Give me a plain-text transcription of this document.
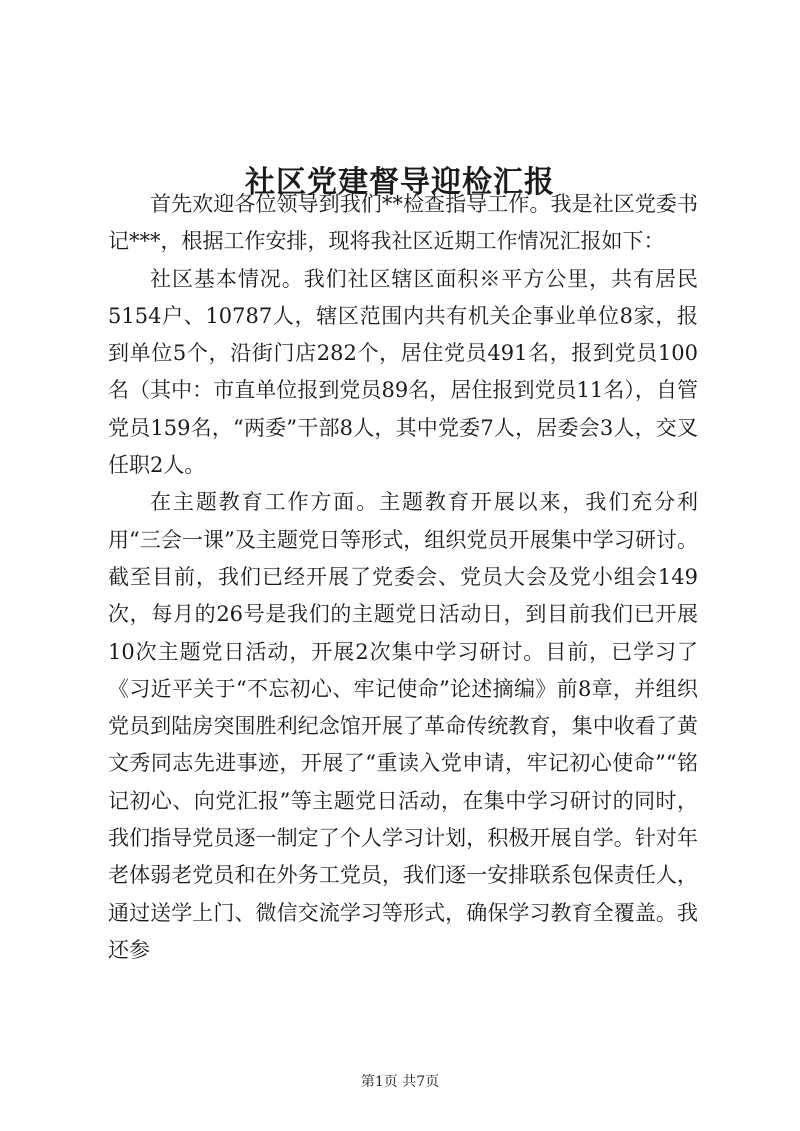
社区党建督导迎检汇报

首先欢迎各位领导到我们**检查指导工作。我是社区党委书记***，根据工作安排，现将我社区近期工作情况汇报如下：

社区基本情况。我们社区辖区面积※平方公里，共有居民5154户、10787人，辖区范围内共有机关企事业单位8家，报到单位5个，沿街门店282个，居住党员491名，报到党员100名（其中：市直单位报到党员89名，居住报到党员11名），自管党员159名，“两委”干部8人，其中党委7人，居委会3人，交叉任职2人。

在主题教育工作方面。主题教育开展以来，我们充分利用“三会一课”及主题党日等形式，组织党员开展集中学习研讨。截至目前，我们已经开展了党委会、党员大会及党小组会149次，每月的26号是我们的主题党日活动日，到目前我们已开展10次主题党日活动，开展2次集中学习研讨。目前，已学习了《习近平关于“不忘初心、牢记使命”论述摘编》前8章，并组织党员到陆房突围胜利纪念馆开展了革命传统教育，集中收看了黄文秀同志先进事迹，开展了“重读入党申请，牢记初心使命”“铭记初心、向党汇报”等主题党日活动，在集中学习研讨的同时，我们指导党员逐一制定了个人学习计划，积极开展自学。针对年老体弱老党员和在外务工党员，我们逐一安排联系包保责任人，通过送学上门、微信交流学习等形式，确保学习教育全覆盖。我还参

第1页 共7页
